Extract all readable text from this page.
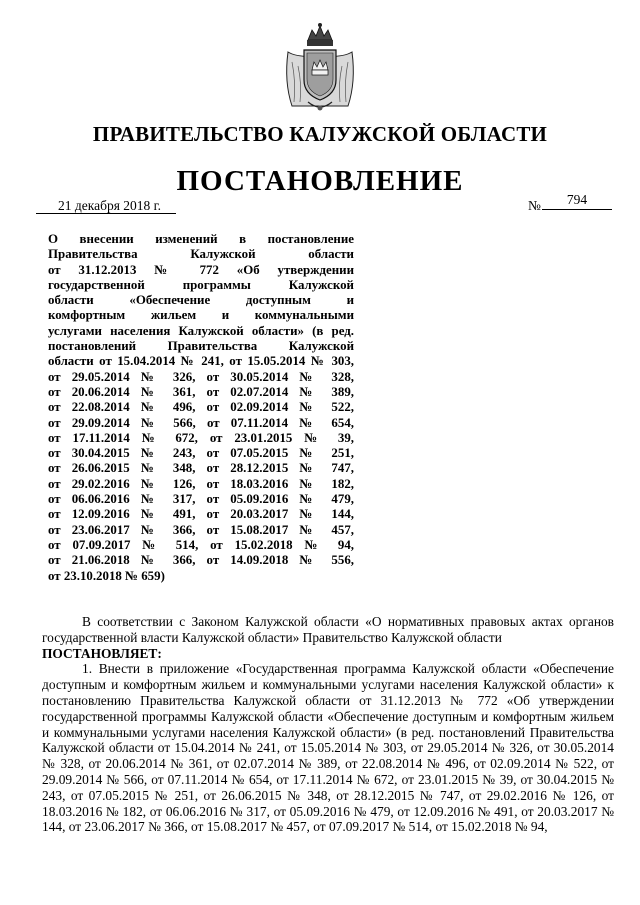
ПРАВИТЕЛЬСТВО КАЛУЖСКОЙ ОБЛАСТИ
ПОСТАНОВЛЕНИЕ
21 декабря 2018 г.	№	794
О внесении изменений в постановление
Правительства Калужской области
от 31.12.2013 № 772 «Об утверждении
государственной программы Калужской
области «Обеспечение доступным и
комфортным жильем и коммунальными
услугами населения Калужской области» (в ред.
постановлений Правительства Калужской
области от 15.04.2014 № 241, от 15.05.2014 № 303,
от 29.05.2014 № 326, от 30.05.2014 № 328,
от 20.06.2014 № 361, от 02.07.2014 № 389,
от 22.08.2014 № 496, от 02.09.2014 № 522,
от 29.09.2014 № 566, от 07.11.2014 № 654,
от 17.11.2014 № 672, от 23.01.2015 № 39,
от 30.04.2015 № 243, от 07.05.2015 № 251,
от 26.06.2015 № 348, от 28.12.2015 № 747,
от 29.02.2016 № 126, от 18.03.2016 № 182,
от 06.06.2016 № 317, от 05.09.2016 № 479,
от 12.09.2016 № 491, от 20.03.2017 № 144,
от 23.06.2017 № 366, от 15.08.2017 № 457,
от 07.09.2017 № 514, от 15.02.2018 № 94,
от 21.06.2018 № 366, от 14.09.2018 № 556,
от 23.10.2018 № 659)

В соответствии с Законом Калужской области «О нормативных правовых актах органов государственной власти Калужской области» Правительство Калужской области

ПОСТАНОВЛЯЕТ:

1. Внести в приложение «Государственная программа Калужской области «Обеспечение доступным и комфортным жильем и коммунальными услугами населения Калужской области» к постановлению Правительства Калужской области от 31.12.2013 № 772 «Об утверждении государственной программы Калужской области «Обеспечение доступным и комфортным жильем и коммунальными услугами населения Калужской области» (в ред. постановлений Правительства Калужской области от 15.04.2014 № 241, от 15.05.2014 № 303, от 29.05.2014 № 326, от 30.05.2014 № 328, от 20.06.2014 № 361, от 02.07.2014 № 389, от 22.08.2014 № 496, от 02.09.2014 № 522, от 29.09.2014 № 566, от 07.11.2014 № 654, от 17.11.2014 № 672, от 23.01.2015 № 39, от 30.04.2015 № 243, от 07.05.2015 № 251, от 26.06.2015 № 348, от 28.12.2015 № 747, от 29.02.2016 № 126, от 18.03.2016 № 182, от 06.06.2016 № 317, от 05.09.2016 № 479, от 12.09.2016 № 491, от 20.03.2017 № 144, от 23.06.2017 № 366, от 15.08.2017 № 457, от 07.09.2017 № 514, от 15.02.2018 № 94,
